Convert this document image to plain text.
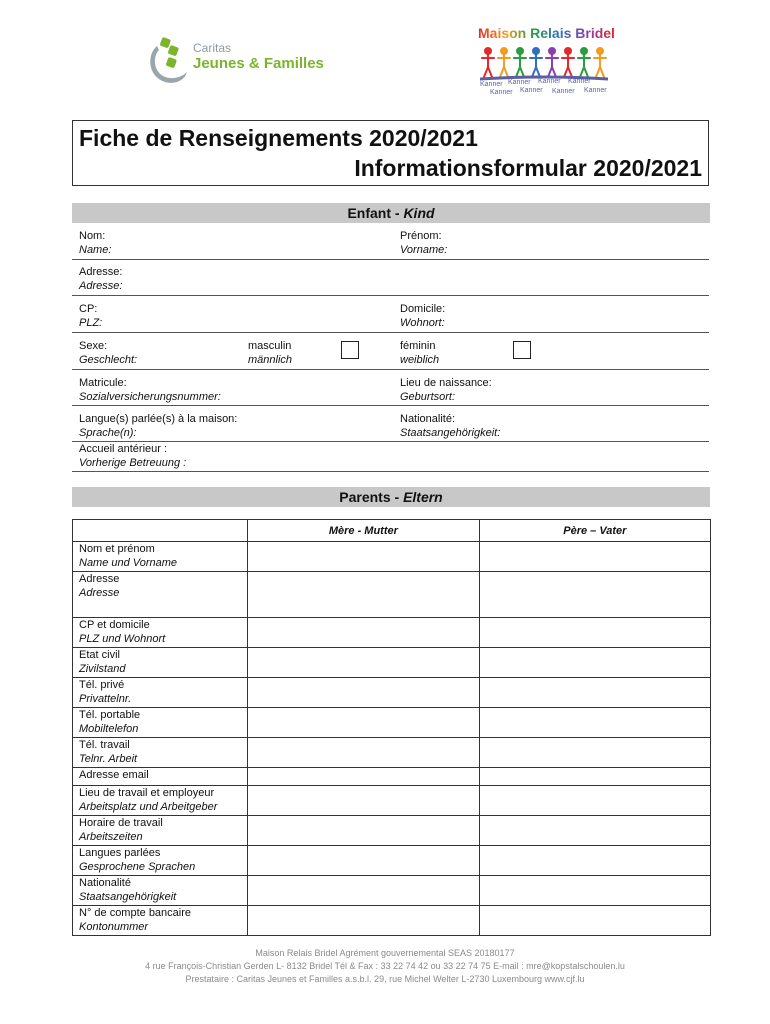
Caritas
Jeunes & Familles
Maison Relais Bridel
Kanner Kanner Kanner Kanner
Kanner Kanner Kanner Kanner
Fiche de Renseignements 2020/2021
Informationsformular 2020/2021
Enfant - Kind
Nom:
Name:
Prénom:
Vorname:
Adresse:
Adresse:
CP:
PLZ:
Domicile:
Wohnort:
Sexe:
Geschlecht:
masculin
männlich
féminin
weiblich
Matricule:
Sozialversicherungsnummer:
Lieu de naissance:
Geburtsort:
Langue(s) parlée(s) à la maison:
Sprache(n):
Nationalité:
Staatsangehörigkeit:
Accueil antérieur :
Vorherige Betreuung :
Parents - Eltern
	Mère - Mutter	Père – Vater
Nom et prénom
Name und Vorname		

Adresse
Adresse		

CP et domicile
PLZ und Wohnort		

Etat civil
Zivilstand		

Tél. privé
Privattelnr.		

Tél. portable
Mobiltelefon		

Tél. travail
Telnr. Arbeit		

Adresse email

Lieu de travail et employeur
Arbeitsplatz und Arbeitgeber		

Horaire de travail
Arbeitszeiten		

Langues parlées
Gesprochene Sprachen		

Nationalité
Staatsangehörigkeit		

N° de compte bancaire
Kontonummer		

Maison Relais Bridel Agrément gouvernemental SEAS 20180177
4 rue François-Christian Gerden L- 8132 Bridel Tél & Fax : 33 22 74 42 ou 33 22 74 75 E-mail : mre@kopstalschoulen.lu
Prestataire : Caritas Jeunes et Familles a.s.b.l. 29, rue Michel Welter L-2730 Luxembourg www.cjf.lu
